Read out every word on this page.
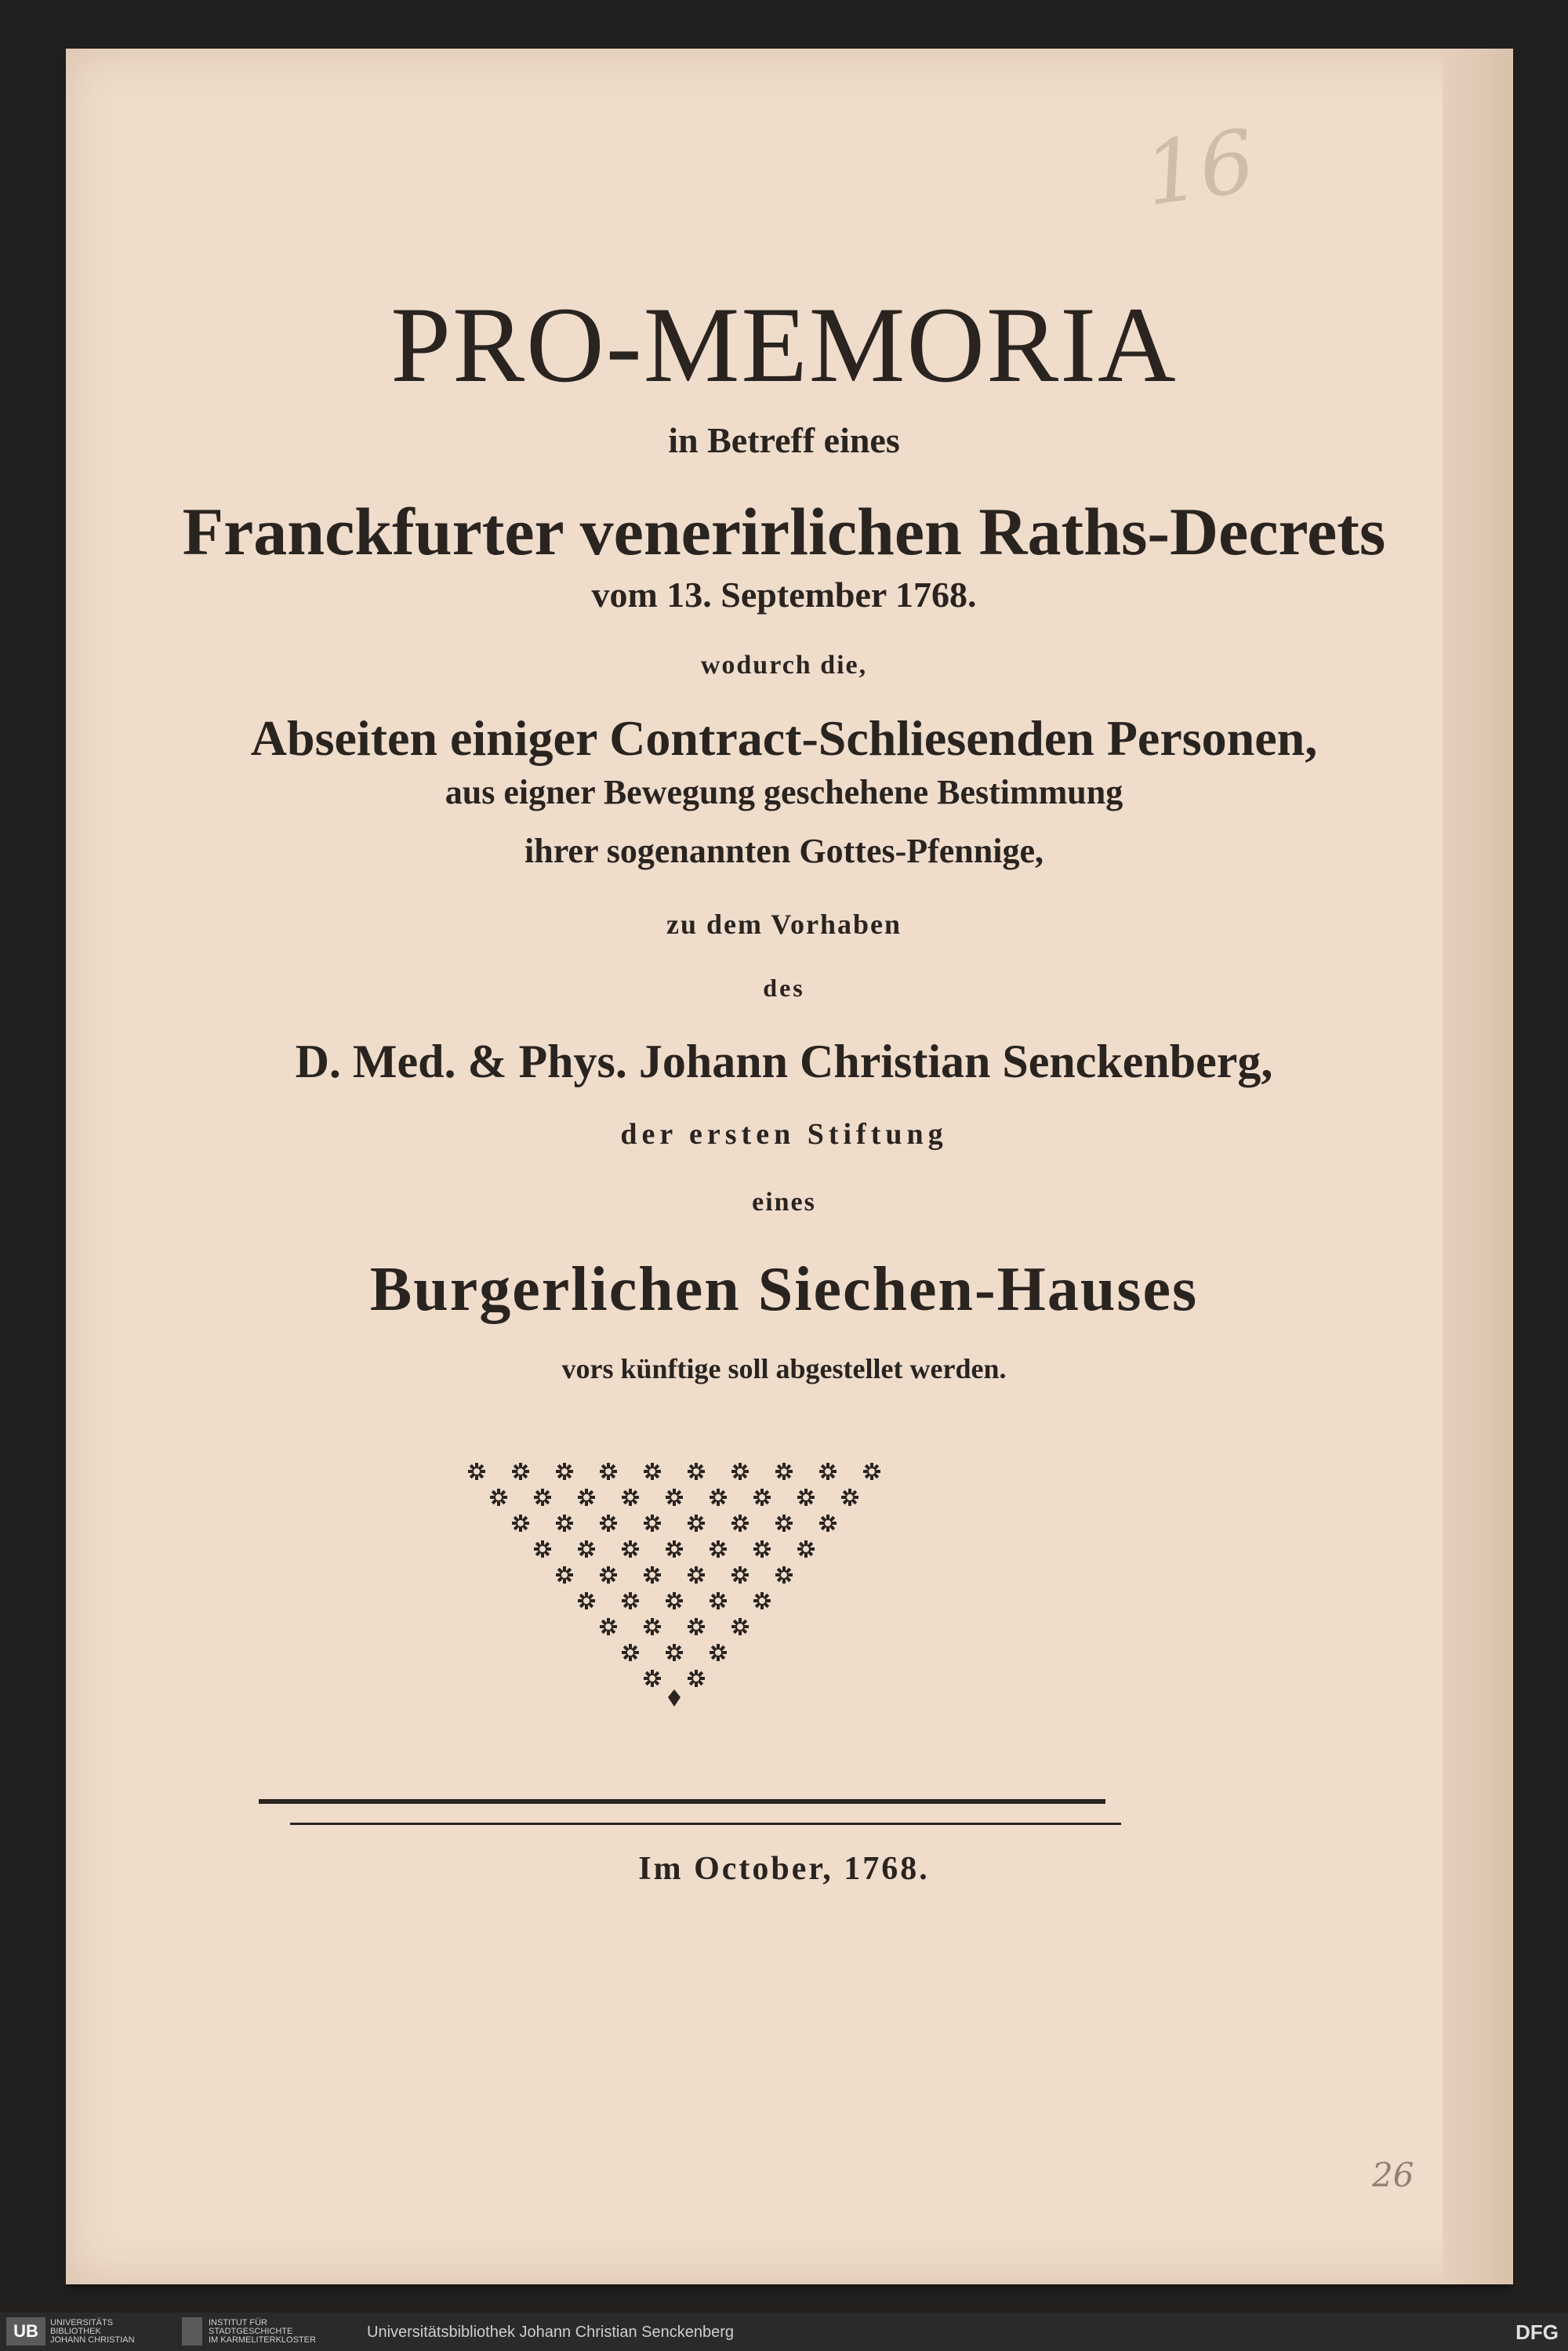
16
PRO-MEMORIA
in Betreff eines
Franckfurter venerirlichen Raths-Decrets
vom 13. September 1768.
wodurch die,
Abseiten einiger Contract-Schliesenden Personen,
aus eigner Bewegung geschehene Bestimmung
ihrer sogenannten Gottes-Pfennige,
zu dem Vorhaben
des
D. Med. & Phys. Johann Christian Senckenberg,
der ersten Stiftung
eines
Burgerlichen Siechen-Hauses
vors künftige soll abgestellet werden.
Im October, 1768.
26
UB	UNIVERSITÄTS
BIBLIOTHEK
JOHANN CHRISTIAN
INSTITUT FÜR
STADTGESCHICHTE
IM KARMELITERKLOSTER	Universitätsbibliothek Johann Christian Senckenberg	DFG
